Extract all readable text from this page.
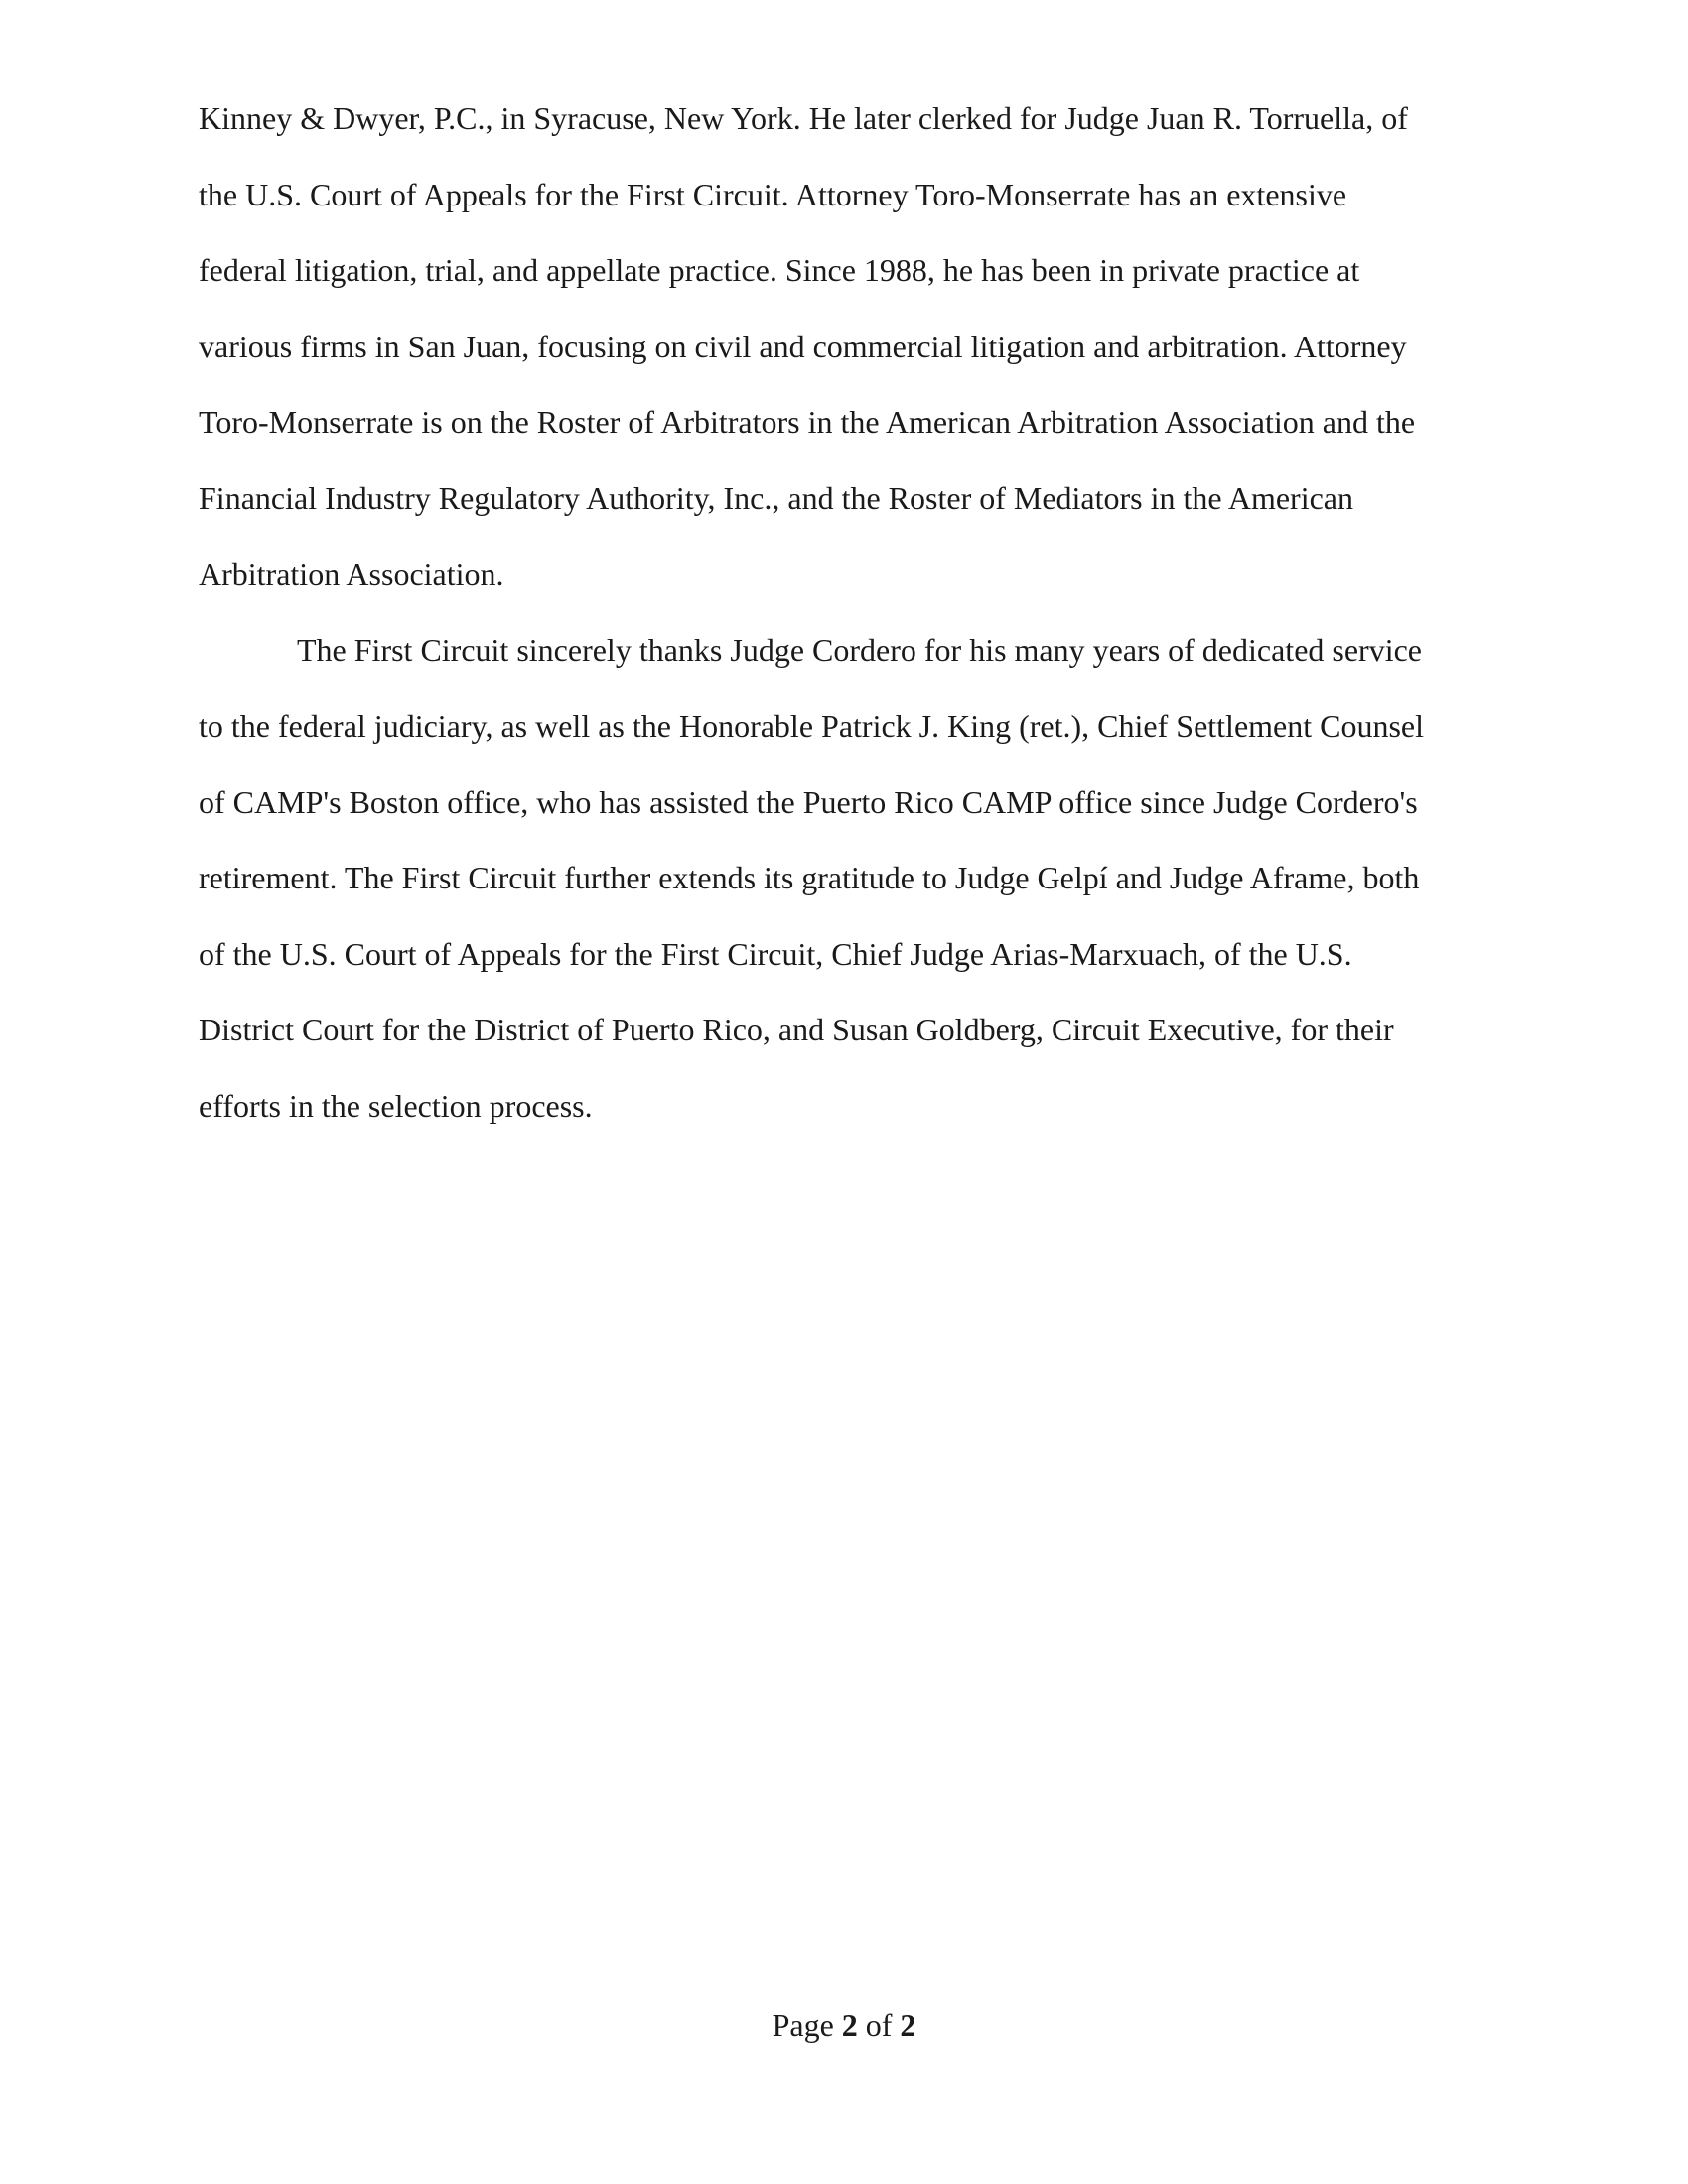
Kinney & Dwyer, P.C., in Syracuse, New York. He later clerked for Judge Juan R. Torruella, of
the U.S. Court of Appeals for the First Circuit. Attorney Toro-Monserrate has an extensive
federal litigation, trial, and appellate practice. Since 1988, he has been in private practice at
various firms in San Juan, focusing on civil and commercial litigation and arbitration. Attorney
Toro-Monserrate is on the Roster of Arbitrators in the American Arbitration Association and the
Financial Industry Regulatory Authority, Inc., and the Roster of Mediators in the American
Arbitration Association.
The First Circuit sincerely thanks Judge Cordero for his many years of dedicated service
to the federal judiciary, as well as the Honorable Patrick J. King (ret.), Chief Settlement Counsel
of CAMP's Boston office, who has assisted the Puerto Rico CAMP office since Judge Cordero's
retirement. The First Circuit further extends its gratitude to Judge Gelpí and Judge Aframe, both
of the U.S. Court of Appeals for the First Circuit, Chief Judge Arias-Marxuach, of the U.S.
District Court for the District of Puerto Rico, and Susan Goldberg, Circuit Executive, for their
efforts in the selection process.
Page 2 of 2
